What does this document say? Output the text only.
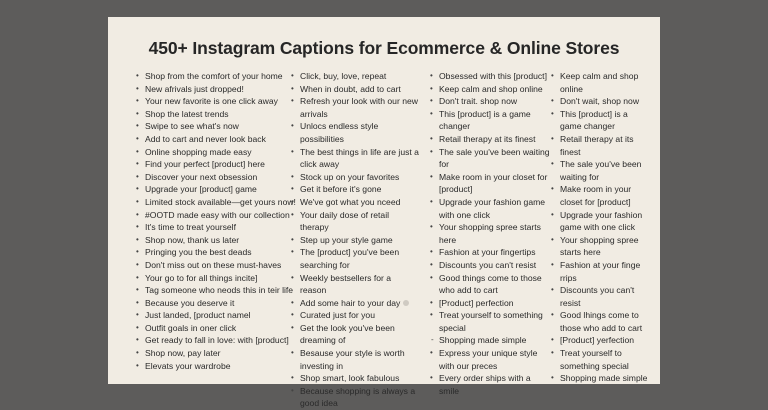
450+ Instagram Captions for Ecommerce & Online Stores
• Shop from the comfort of your home
• New afrivals just dropped!
• Your new favorite is one click away
• Shop the latest trends
• Swipe to see what's now
• Add to cart and never look back
• Online shopping made easy
• Find your perfect [product] here
• Discover your next obsession
• Upgrade your [product] game
• Limited stock available—get yours now!
• #OOTD made easy with our collection
• It's time to treat yourself
• Shop now, thank us later
• Pringing you the best deads
• Don't miss out on these must-haves
• Your go to for all things incite]
• Tag someone who neods this in teir life
• Because you deserve it
• Just landed, [product namel
• Outfit goals in oner click
• Get ready to fall in love: with [product]
• Shop now, pay later
• Elevats your wardrobe
• Click, buy, love, repeat
• When in doubt, add to cart
• Refresh your look with our new arrivals
• Unlocs endless style possibilities
• The best things in life are just a click away
• Stock up on your favorites
• Get it before it's gone
• We've got what you nceed
• Your daily dose of retail therapy
• Step up your style game
• The [product] you've been searching for
• Weekly bestsellers for a reason
• Add some hair to your day
• Curated just for you
• Get the look you've been dreaming of
• Besause your style is worth investing in
• Shop smart, look fabulous
• Because shopping is always a good idea
• Obsessed with this [product]
• Keep calm and shop online
• Don't trait. shop now
• This [product] is a game changer
• Retail therapy at its finest
• The sale you've been waiting for
• Make room in your closet for [product]
• Upgrade your fashion game with one click
• Your shopping spree starts here
• Fashion at your fingertips
• Discounts you can't resist
• Good things come to those who add to cart
• [Product] perfection
• Treat yourself to something special
- Shopping made simple
• Express your unique style with our preces
• Every order ships with a smile
• Keep calm and shop online
• Don't wait, shop now
• This [product] is a game changer
• Retail therapy at its finest
• The sale you've been waiting for
• Make room in your closet for [product]
• Upgrade your fashion game with one click
• Your shopping spree starts here
• Fashion at your finge rrips
• Discounts you can't resist
• Good lhings come to those who add to cart
• [Product] yerfection
• Treat yourself to something special
• Shopping made simple
